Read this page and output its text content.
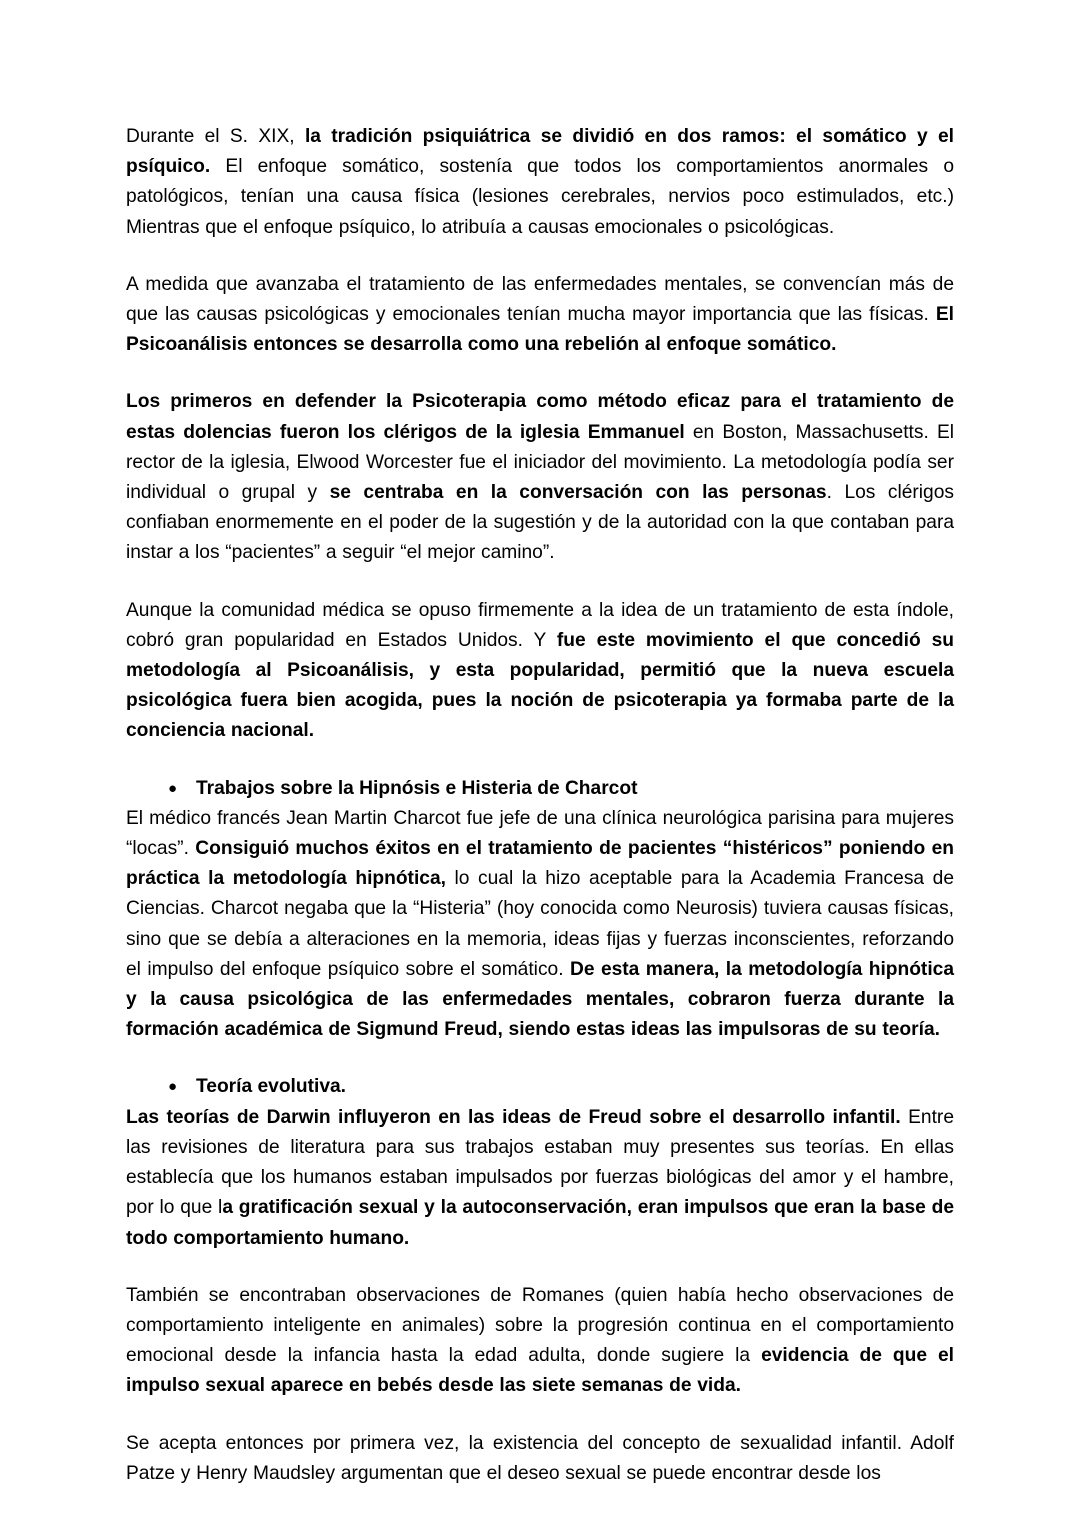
Durante el S. XIX, la tradición psiquiátrica se dividió en dos ramos: el somático y el psíquico. El enfoque somático, sostenía que todos los comportamientos anormales o patológicos, tenían una causa física (lesiones cerebrales, nervios poco estimulados, etc.) Mientras que el enfoque psíquico, lo atribuía a causas emocionales o psicológicas.

A medida que avanzaba el tratamiento de las enfermedades mentales, se convencían más de que las causas psicológicas y emocionales tenían mucha mayor importancia que las físicas. El Psicoanálisis entonces se desarrolla como una rebelión al enfoque somático.

Los primeros en defender la Psicoterapia como método eficaz para el tratamiento de estas dolencias fueron los clérigos de la iglesia Emmanuel en Boston, Massachusetts. El rector de la iglesia, Elwood Worcester fue el iniciador del movimiento. La metodología podía ser individual o grupal y se centraba en la conversación con las personas. Los clérigos confiaban enormemente en el poder de la sugestión y de la autoridad con la que contaban para instar a los “pacientes” a seguir “el mejor camino”.

Aunque la comunidad médica se opuso firmemente a la idea de un tratamiento de esta índole, cobró gran popularidad en Estados Unidos. Y fue este movimiento el que concedió su metodología al Psicoanálisis, y esta popularidad, permitió que la nueva escuela psicológica fuera bien acogida, pues la noción de psicoterapia ya formaba parte de la conciencia nacional.

● Trabajos sobre la Hipnósis e Histeria de Charcot

El médico francés Jean Martin Charcot fue jefe de una clínica neurológica parisina para mujeres “locas”. Consiguió muchos éxitos en el tratamiento de pacientes “histéricos” poniendo en práctica la metodología hipnótica, lo cual la hizo aceptable para la Academia Francesa de Ciencias. Charcot negaba que la “Histeria” (hoy conocida como Neurosis) tuviera causas físicas, sino que se debía a alteraciones en la memoria, ideas fijas y fuerzas inconscientes, reforzando el impulso del enfoque psíquico sobre el somático. De esta manera, la metodología hipnótica y la causa psicológica de las enfermedades mentales, cobraron fuerza durante la formación académica de Sigmund Freud, siendo estas ideas las impulsoras de su teoría.

● Teoría evolutiva.

Las teorías de Darwin influyeron en las ideas de Freud sobre el desarrollo infantil. Entre las revisiones de literatura para sus trabajos estaban muy presentes sus teorías. En ellas establecía que los humanos estaban impulsados por fuerzas biológicas del amor y el hambre, por lo que la gratificación sexual y la autoconservación, eran impulsos que eran la base de todo comportamiento humano.

También se encontraban observaciones de Romanes (quien había hecho observaciones de comportamiento inteligente en animales) sobre la progresión continua en el comportamiento emocional desde la infancia hasta la edad adulta, donde sugiere la evidencia de que el impulso sexual aparece en bebés desde las siete semanas de vida.

Se acepta entonces por primera vez, la existencia del concepto de sexualidad infantil. Adolf Patze y Henry Maudsley argumentan que el deseo sexual se puede encontrar desde los
